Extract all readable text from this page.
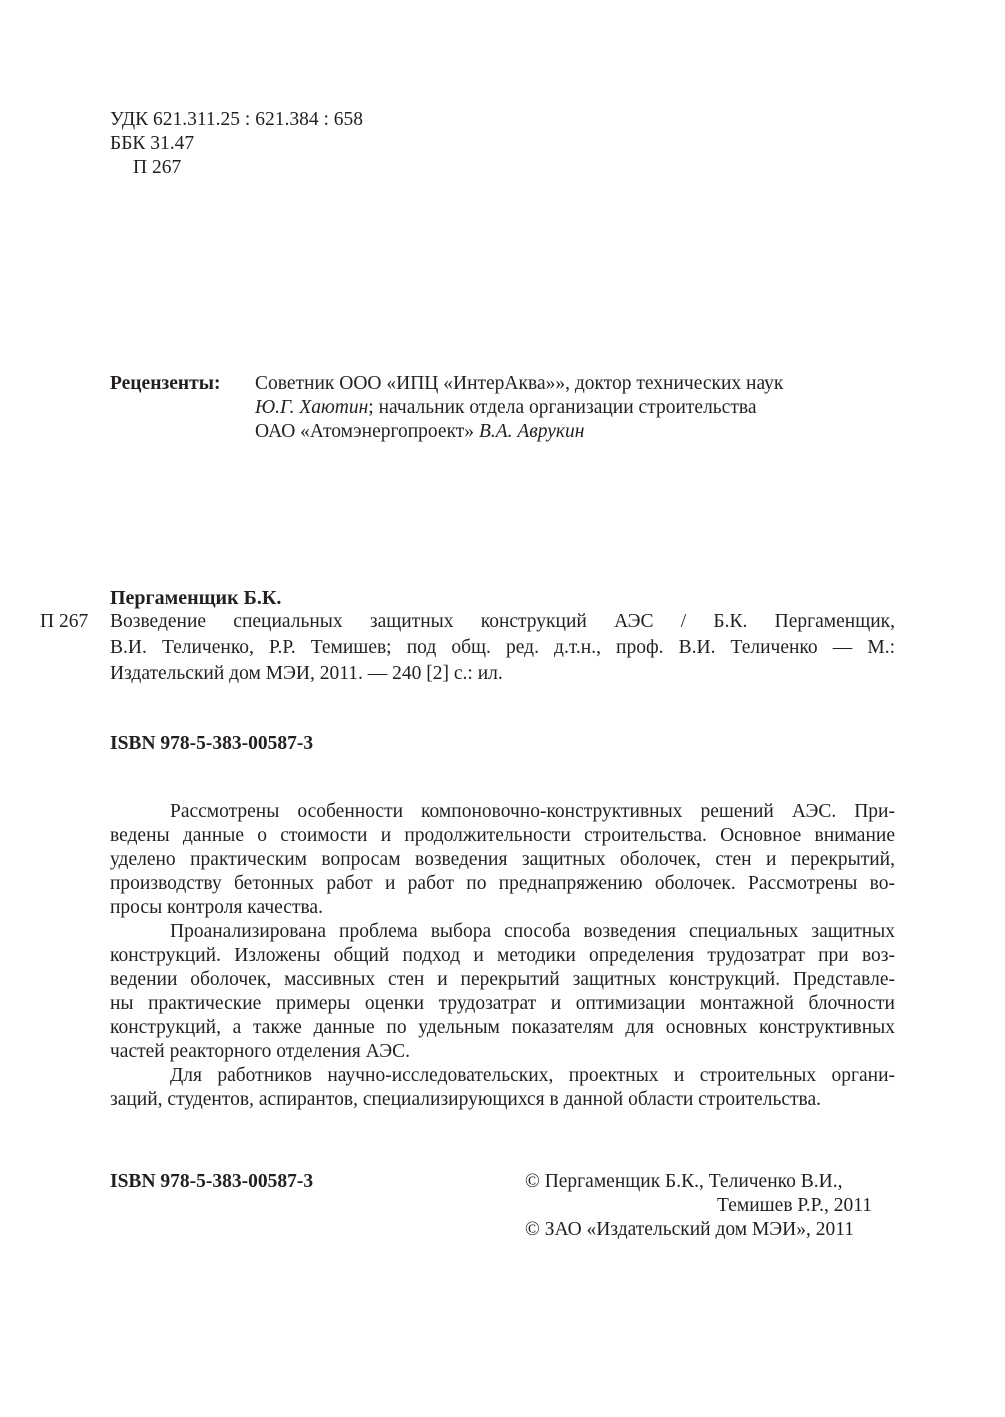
УДК 621.311.25 : 621.384 : 658
ББК 31.47
П 267
Рецензенты: Советник ООО «ИПЦ «ИнтерАква»», доктор технических наук
Ю.Г. Хаютин; начальник отдела организации строительства
ОАО «Атомэнергопроект» В.А. Аврукин
Пергаменщик Б.К.
П 267 Возведение специальных защитных конструкций АЭС / Б.К. Пергаменщик,
В.И. Теличенко, Р.Р. Темишев; под общ. ред. д.т.н., проф. В.И. Теличенко — М.:
Издательский дом МЭИ, 2011. — 240 [2] с.: ил.
ISBN 978-5-383-00587-3
Рассмотрены особенности компоновочно-конструктивных решений АЭС. При-
ведены данные о стоимости и продолжительности строительства. Основное внимание
уделено практическим вопросам возведения защитных оболочек, стен и перекрытий,
производству бетонных работ и работ по преднапряжению оболочек. Рассмотрены во-
просы контроля качества.
Проанализирована проблема выбора способа возведения специальных защитных
конструкций. Изложены общий подход и методики определения трудозатрат при воз-
ведении оболочек, массивных стен и перекрытий защитных конструкций. Представле-
ны практические примеры оценки трудозатрат и оптимизации монтажной блочности
конструкций, а также данные по удельным показателям для основных конструктивных
частей реакторного отделения АЭС.
Для работников научно-исследовательских, проектных и строительных органи-
заций, студентов, аспирантов, специализирующихся в данной области строительства.
ISBN 978-5-383-00587-3	© Пергаменщик Б.К., Теличенко В.И.,
Темишев Р.Р., 2011
© ЗАО «Издательский дом МЭИ», 2011
